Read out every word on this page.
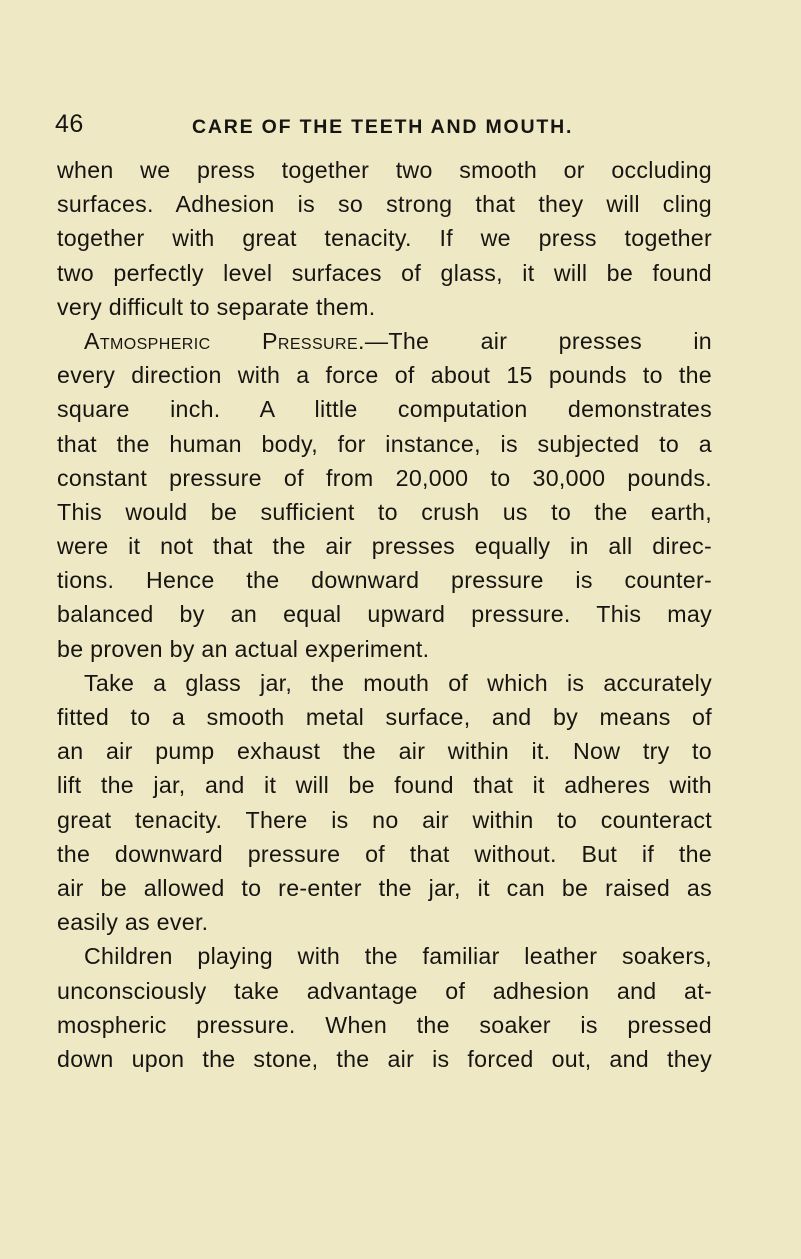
46	CARE OF THE TEETH AND MOUTH.
when we press together two smooth or occluding
surfaces. Adhesion is so strong that they will cling
together with great tenacity. If we press together
two perfectly level surfaces of glass, it will be found
very difficult to separate them.
Atmospheric Pressure.—The air presses in
every direction with a force of about 15 pounds to the
square inch. A little computation demonstrates
that the human body, for instance, is subjected to a
constant pressure of from 20,000 to 30,000 pounds.
This would be sufficient to crush us to the earth,
were it not that the air presses equally in all direc-
tions. Hence the downward pressure is counter-
balanced by an equal upward pressure. This may
be proven by an actual experiment.
Take a glass jar, the mouth of which is accurately
fitted to a smooth metal surface, and by means of
an air pump exhaust the air within it. Now try to
lift the jar, and it will be found that it adheres with
great tenacity. There is no air within to counteract
the downward pressure of that without. But if the
air be allowed to re-enter the jar, it can be raised as
easily as ever.
Children playing with the familiar leather soakers,
unconsciously take advantage of adhesion and at-
mospheric pressure. When the soaker is pressed
down upon the stone, the air is forced out, and they
